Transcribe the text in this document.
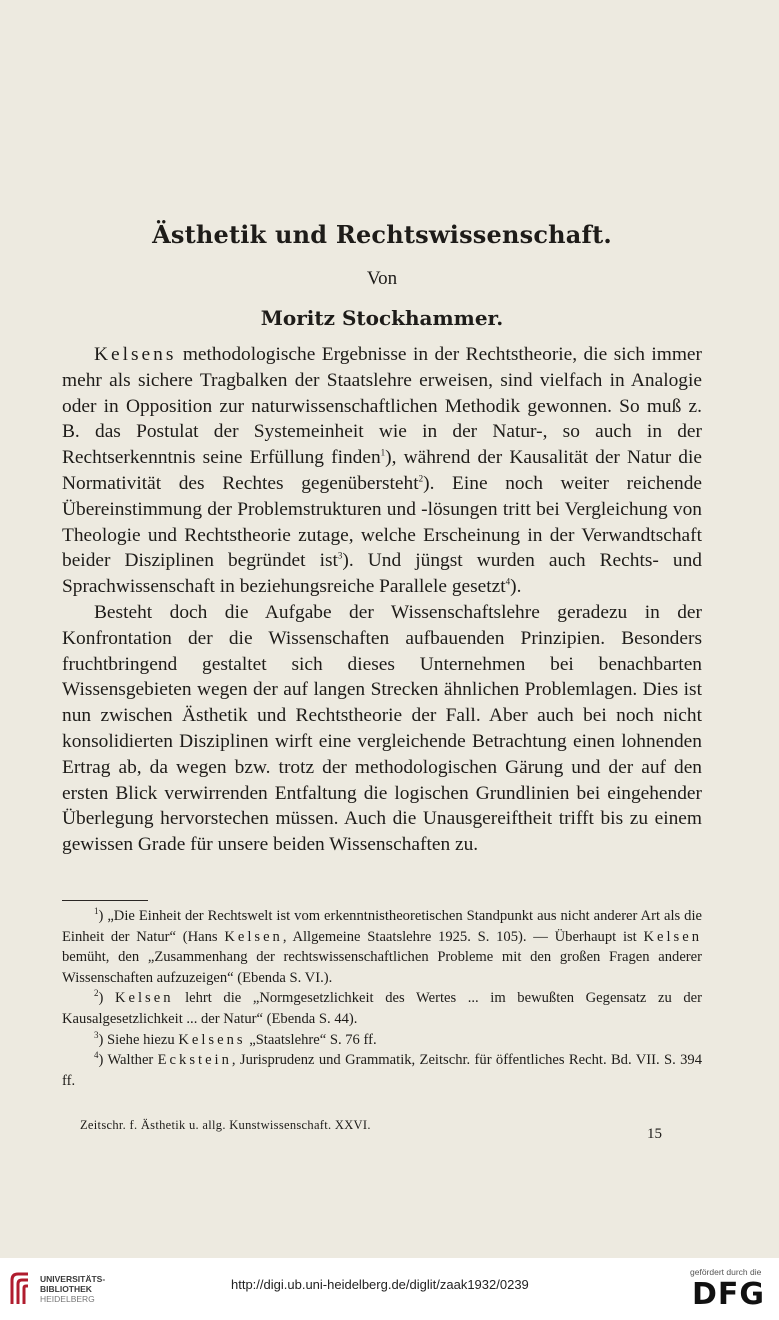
Ästhetik und Rechtswissenschaft.
Von
Moritz Stockhammer.

Kelsens methodologische Ergebnisse in der Rechtstheorie, die sich immer mehr als sichere Tragbalken der Staatslehre erweisen, sind vielfach in Analogie oder in Opposition zur naturwissenschaftlichen Methodik gewonnen. So muß z. B. das Postulat der Systemeinheit wie in der Natur-, so auch in der Rechtserkenntnis seine Erfüllung finden$^1$), während der Kausalität der Natur die Normativität des Rechtes gegenübersteht$^2$). Eine noch weiter reichende Übereinstimmung der Problemstrukturen und -lösungen tritt bei Vergleichung von Theologie und Rechtstheorie zutage, welche Erscheinung in der Verwandtschaft beider Disziplinen begründet ist$^3$). Und jüngst wurden auch Rechts- und Sprachwissenschaft in beziehungsreiche Parallele gesetzt$^4$).

Besteht doch die Aufgabe der Wissenschaftslehre geradezu in der Konfrontation der die Wissenschaften aufbauenden Prinzipien. Besonders fruchtbringend gestaltet sich dieses Unternehmen bei benachbarten Wissensgebieten wegen der auf langen Strecken ähnlichen Problemlagen. Dies ist nun zwischen Ästhetik und Rechtstheorie der Fall. Aber auch bei noch nicht konsolidierten Disziplinen wirft eine vergleichende Betrachtung einen lohnenden Ertrag ab, da wegen bzw. trotz der methodologischen Gärung und der auf den ersten Blick verwirrenden Entfaltung die logischen Grundlinien bei eingehender Überlegung hervorstechen müssen. Auch die Unausgereiftheit trifft bis zu einem gewissen Grade für unsere beiden Wissenschaften zu.

$^1$) „Die Einheit der Rechtswelt ist vom erkenntnistheoretischen Standpunkt aus nicht anderer Art als die Einheit der Natur“ (Hans Kelsen, Allgemeine Staatslehre 1925. S. 105). — Überhaupt ist Kelsen bemüht, den „Zusammenhang der rechtswissenschaftlichen Probleme mit den großen Fragen anderer Wissenschaften aufzuzeigen“ (Ebenda S. VI.).

$^2$) Kelsen lehrt die „Normgesetzlichkeit des Wertes ... im bewußten Gegensatz zu der Kausalgesetzlichkeit ... der Natur“ (Ebenda S. 44).

$^3$) Siehe hiezu Kelsens „Staatslehre“ S. 76 ff.

$^4$) Walther Eckstein, Jurisprudenz und Grammatik, Zeitschr. für öffentliches Recht. Bd. VII. S. 394 ff.

Zeitschr. f. Ästhetik u. allg. Kunstwissenschaft. XXVI.
15
UNIVERSITÄTS-
BIBLIOTHEK
HEIDELBERG
http://digi.ub.uni-heidelberg.de/diglit/zaak1932/0239
gefördert durch die
DFG
